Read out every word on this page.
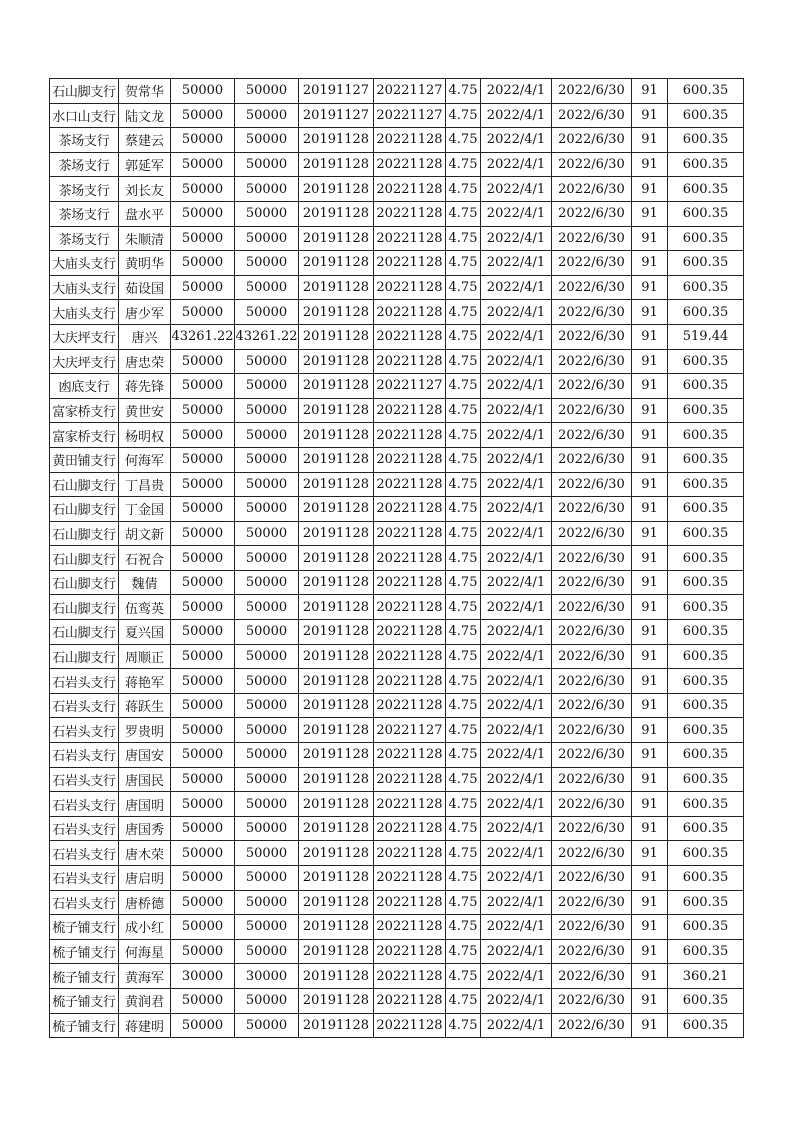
石山脚支行	贺常华	50000	50000	20191127	20221127	4.75	2022/4/1	2022/6/30	91	600.35
水口山支行	陆文龙	50000	50000	20191127	20221127	4.75	2022/4/1	2022/6/30	91	600.35
茶场支行	蔡建云	50000	50000	20191128	20221128	4.75	2022/4/1	2022/6/30	91	600.35
茶场支行	郭延军	50000	50000	20191128	20221128	4.75	2022/4/1	2022/6/30	91	600.35
茶场支行	刘长友	50000	50000	20191128	20221128	4.75	2022/4/1	2022/6/30	91	600.35
茶场支行	盘水平	50000	50000	20191128	20221128	4.75	2022/4/1	2022/6/30	91	600.35
茶场支行	朱顺清	50000	50000	20191128	20221128	4.75	2022/4/1	2022/6/30	91	600.35
大庙头支行	黄明华	50000	50000	20191128	20221128	4.75	2022/4/1	2022/6/30	91	600.35
大庙头支行	茹设国	50000	50000	20191128	20221128	4.75	2022/4/1	2022/6/30	91	600.35
大庙头支行	唐少军	50000	50000	20191128	20221128	4.75	2022/4/1	2022/6/30	91	600.35
大庆坪支行	唐兴	43261.22	43261.22	20191128	20221128	4.75	2022/4/1	2022/6/30	91	519.44
大庆坪支行	唐忠荣	50000	50000	20191128	20221128	4.75	2022/4/1	2022/6/30	91	600.35
凼底支行	蒋先锋	50000	50000	20191128	20221127	4.75	2022/4/1	2022/6/30	91	600.35
富家桥支行	黄世安	50000	50000	20191128	20221128	4.75	2022/4/1	2022/6/30	91	600.35
富家桥支行	杨明权	50000	50000	20191128	20221128	4.75	2022/4/1	2022/6/30	91	600.35
黄田铺支行	何海军	50000	50000	20191128	20221128	4.75	2022/4/1	2022/6/30	91	600.35
石山脚支行	丁昌贵	50000	50000	20191128	20221128	4.75	2022/4/1	2022/6/30	91	600.35
石山脚支行	丁金国	50000	50000	20191128	20221128	4.75	2022/4/1	2022/6/30	91	600.35
石山脚支行	胡文新	50000	50000	20191128	20221128	4.75	2022/4/1	2022/6/30	91	600.35
石山脚支行	石祝合	50000	50000	20191128	20221128	4.75	2022/4/1	2022/6/30	91	600.35
石山脚支行	魏倩	50000	50000	20191128	20221128	4.75	2022/4/1	2022/6/30	91	600.35
石山脚支行	伍鸾英	50000	50000	20191128	20221128	4.75	2022/4/1	2022/6/30	91	600.35
石山脚支行	夏兴国	50000	50000	20191128	20221128	4.75	2022/4/1	2022/6/30	91	600.35
石山脚支行	周顺正	50000	50000	20191128	20221128	4.75	2022/4/1	2022/6/30	91	600.35
石岩头支行	蒋艳军	50000	50000	20191128	20221128	4.75	2022/4/1	2022/6/30	91	600.35
石岩头支行	蒋跃生	50000	50000	20191128	20221128	4.75	2022/4/1	2022/6/30	91	600.35
石岩头支行	罗贵明	50000	50000	20191128	20221127	4.75	2022/4/1	2022/6/30	91	600.35
石岩头支行	唐国安	50000	50000	20191128	20221128	4.75	2022/4/1	2022/6/30	91	600.35
石岩头支行	唐国民	50000	50000	20191128	20221128	4.75	2022/4/1	2022/6/30	91	600.35
石岩头支行	唐国明	50000	50000	20191128	20221128	4.75	2022/4/1	2022/6/30	91	600.35
石岩头支行	唐国秀	50000	50000	20191128	20221128	4.75	2022/4/1	2022/6/30	91	600.35
石岩头支行	唐木荣	50000	50000	20191128	20221128	4.75	2022/4/1	2022/6/30	91	600.35
石岩头支行	唐启明	50000	50000	20191128	20221128	4.75	2022/4/1	2022/6/30	91	600.35
石岩头支行	唐桥德	50000	50000	20191128	20221128	4.75	2022/4/1	2022/6/30	91	600.35
梳子铺支行	成小红	50000	50000	20191128	20221128	4.75	2022/4/1	2022/6/30	91	600.35
梳子铺支行	何海星	50000	50000	20191128	20221128	4.75	2022/4/1	2022/6/30	91	600.35
梳子铺支行	黄海军	30000	30000	20191128	20221128	4.75	2022/4/1	2022/6/30	91	360.21
梳子铺支行	黄润君	50000	50000	20191128	20221128	4.75	2022/4/1	2022/6/30	91	600.35
梳子铺支行	蒋建明	50000	50000	20191128	20221128	4.75	2022/4/1	2022/6/30	91	600.35
